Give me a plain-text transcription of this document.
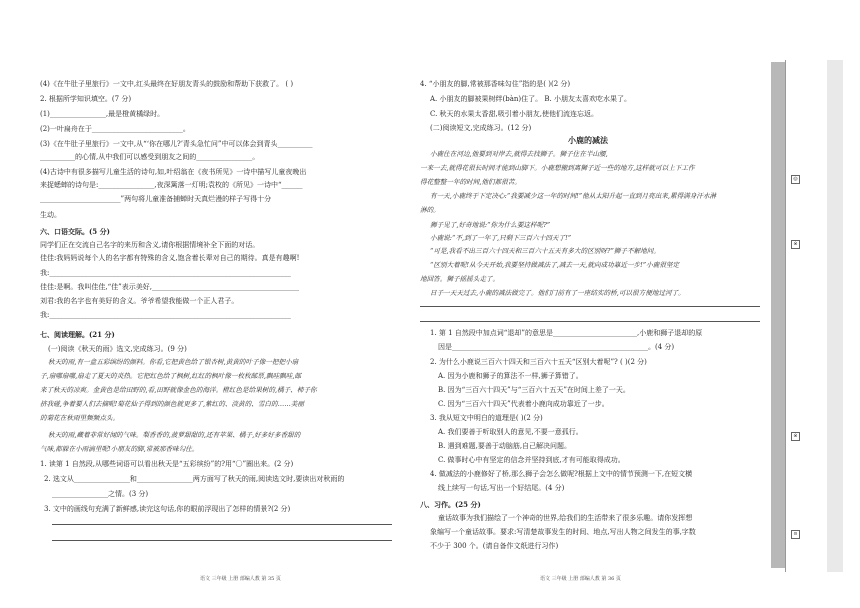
(4)《在牛肚子里旅行》一文中,红头最终在好朋友青头的鼓励和帮助下获救了。 ( )
2. 根据所学知识填空。(7 分)
(1)________________,最是橙黄橘绿时。
(2)一叶扁舟在于__________________________。
(3)《在牛肚子里旅行》一文中,从“‘你在哪儿?’青头急忙问”中可以体会到青头__________
__________的心情,从中我们可以感受到朋友之间的________________。
(4)古诗中有很多描写儿童生活的诗句,如,叶绍翁在《夜书所见》一诗中描写儿童夜晚出
来捉蟋蟀的诗句是:________________,夜深篱落一灯明;袁枚的《所见》一诗中“______
_______________________”两句将儿童准备捕蝉时天真烂漫的样子写得十分
生动。
六、口语交际。(5 分)
同学们正在交流自己名字的来历和含义,请你根据情境补全下面的对话。
佳佳:我妈妈说每个人的名字都有特殊的含义,饱含着长辈对自己的期待。真是有趣啊!
我:_____________________________________________________________________
佳佳:是啊。我叫佳佳,“佳”表示美好,__________________________________________
刘君:我的名字也有美好的含义。爷爷希望我能做一个正人君子。
我:_____________________________________________________________________
七、阅读理解。(21 分)
(一)阅读《秋天的雨》选文,完成练习。(9 分)
秋天的雨,有一盒五彩缤纷的颜料。你看,它把黄色给了银杏树,黄黄的叶子像一把把小扇
子,扇哪扇哪,扇走了夏天的炎热。它把红色给了枫树,红红的枫叶像一枚枚邮票,飘哇飘哇,邮
来了秋天的凉爽。金黄色是给田野的,看,田野就像金色的海洋。橙红色是给果树的,橘子、柿子你
挤我碰,争着要人们去摘呢!菊花仙子得到的颜色就更多了,紫红的、淡黄的、雪白的……美丽
的菊花在秋雨里频频点头。
秋天的雨,藏着非常好闻的气味。梨香香的,菠萝甜甜的,还有苹果、橘子,好多好多香甜的
气味,都躲在小雨滴里呢!小朋友的脚,常被那香味勾住。
1. 读第 1 自然段,从哪些词语可以看出秋天是“五彩缤纷”的?用“〇”圈出来。(2 分)
2. 选文从________________和________________两方面写了秋天的雨,阅读选文时,要读出对秋雨的
________________之情。(3 分)
3. 文中的画线句充满了新鲜感,读完这句话,你的眼前浮现出了怎样的情景?(2 分)
语文 三年级 上册 部编人教 第 35 页
4. “小朋友的脚,常被那香味勾住”指的是( )(2 分)
A. 小朋友的脚被果树绊(bàn)住了。 B. 小朋友太喜欢吃水果了。
C. 秋天的水果太香甜,吸引着小朋友,使他们流连忘返。
(二)阅读短文,完成练习。(12 分)
小鹿的减法
小鹿住在河边,他要到对岸去,就得去找狮子。狮子住在半山腰,
一来一去,就得花很长时间才能到山脚下。小鹿想搬到离狮子近一些的地方,这样就可以上下工作
得花整整一年的时间,他们都很苦。
有一天,小鹿终于下定决心:“我要减少这一年的时间!”他从太阳升起一直到月亮出来,累得满身汗水淋
淋的。
狮子见了,好奇地说:“你为什么要这样呢?”
小鹿说:“不,到了一年了,只剩下三百六十四天了!”
“可是,我看不出三百六十四天和三百六十五天有多大的区别呀?”狮子不解地问。
“区别大着呢!从今天开始,我要坚持做减法了,减去一天,就向成功靠近一步!”小鹿很坚定
地回答。狮子摇摇头走了。
日子一天天过去,小鹿的减法做完了。他们门前有了一座结实的桥,可以很方便地过河了。
1. 第 1 自然段中加点词“退却”的意思是________________________,小鹿和狮子退却的原
因是________________________________________________________。(4 分)
2. 为什么小鹿说三百六十四天和三百六十五天“区别大着呢”? ( )(2 分)
A. 因为小鹿和狮子的算法不一样,狮子算错了。
B. 因为“三百六十四天”与“三百六十五天”在时间上差了一天。
C. 因为“三百六十四天”代表着小鹿向成功靠近了一步。
3. 我从短文中明白的道理是( )(2 分)
A. 我们要善于听取别人的意见,不要一意孤行。
B. 遇到难题,要善于动脑筋,自己解决问题。
C. 做事时心中有坚定的信念并坚持到底,才有可能取得成功。
4. 做减法的小鹿修好了桥,那么狮子会怎么做呢?根据上文中的情节预测一下,在短文横
线上续写一句话,写出一个好结尾。(4 分)
八、习作。(25 分)
童话故事为我们描绘了一个神奇的世界,给我们的生活带来了很多乐趣。请你发挥想
象编写一个童话故事。要求:写清楚故事发生的时间、地点,写出人物之间发生的事,字数
不少于 300 个。(请自备作文纸进行习作)
语文 三年级 上册 部编人教 第 36 页
◎
※
※
⊙
